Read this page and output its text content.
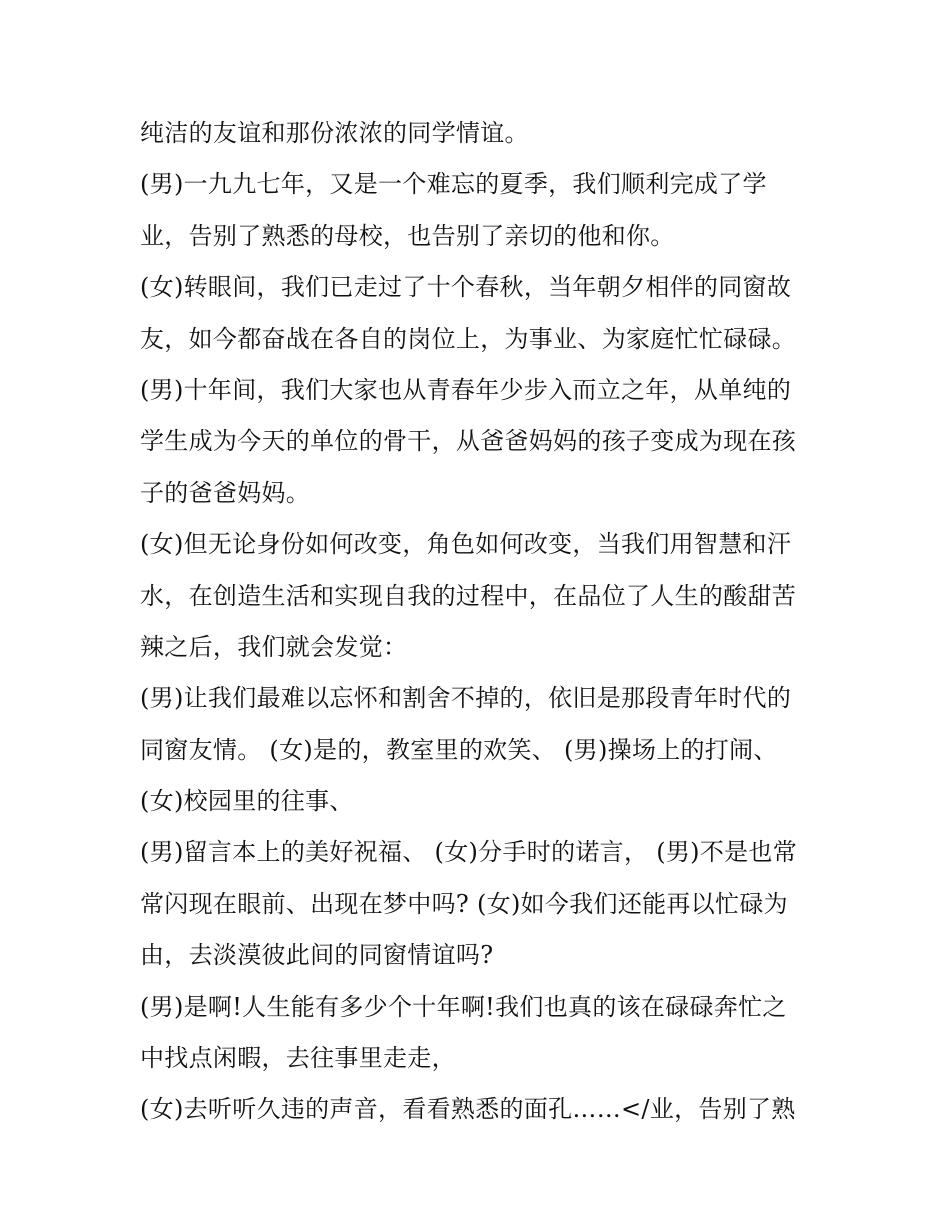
纯洁的友谊和那份浓浓的同学情谊。
(男)一九九七年，又是一个难忘的夏季，我们顺利完成了学
业，告别了熟悉的母校，也告别了亲切的他和你。
(女)转眼间，我们已走过了十个春秋，当年朝夕相伴的同窗故
友，如今都奋战在各自的岗位上，为事业、为家庭忙忙碌碌。
(男)十年间，我们大家也从青春年少步入而立之年，从单纯的
学生成为今天的单位的骨干，从爸爸妈妈的孩子变成为现在孩
子的爸爸妈妈。
(女)但无论身份如何改变，角色如何改变，当我们用智慧和汗
水，在创造生活和实现自我的过程中，在品位了人生的酸甜苦
辣之后，我们就会发觉：
(男)让我们最难以忘怀和割舍不掉的，依旧是那段青年时代的
同窗友情。 (女)是的，教室里的欢笑、 (男)操场上的打闹、
(女)校园里的往事、
(男)留言本上的美好祝福、 (女)分手时的诺言， (男)不是也常
常闪现在眼前、出现在梦中吗? (女)如今我们还能再以忙碌为
由，去淡漠彼此间的同窗情谊吗?
(男)是啊!人生能有多少个十年啊!我们也真的该在碌碌奔忙之
中找点闲暇，去往事里走走，
(女)去听听久违的声音，看看熟悉的面孔……</业，告别了熟
